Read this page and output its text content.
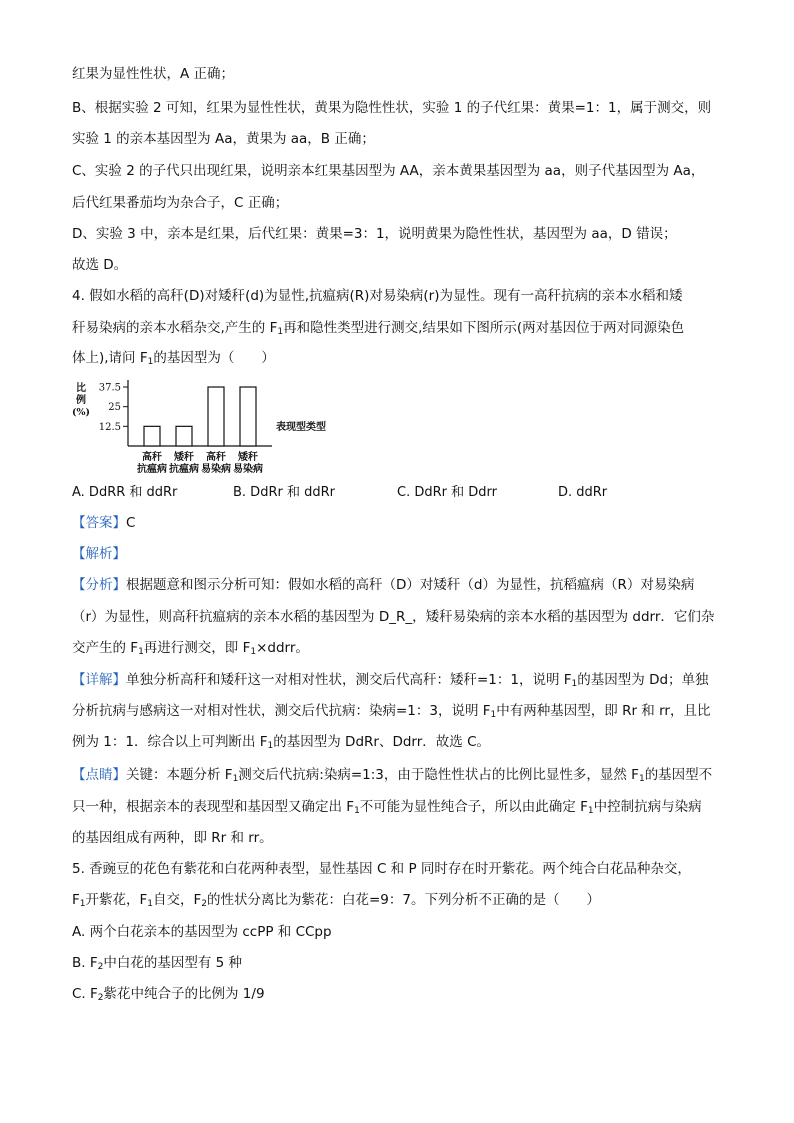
红果为显性性状，A 正确；
B、根据实验 2 可知，红果为显性性状，黄果为隐性性状，实验 1 的子代红果：黄果=1：1，属于测交，则
实验 1 的亲本基因型为 Aa，黄果为 aa，B 正确；
C、实验 2 的子代只出现红果，说明亲本红果基因型为 AA，亲本黄果基因型为 aa，则子代基因型为 Aa，
后代红果番茄均为杂合子，C 正确；
D、实验 3 中，亲本是红果，后代红果：黄果=3：1，说明黄果为隐性性状，基因型为 aa，D 错误；
故选 D。
4. 假如水稻的高秆(D)对矮秆(d)为显性,抗瘟病(R)对易染病(r)为显性。现有一高秆抗病的亲本水稻和矮
秆易染病的亲本水稻杂交,产生的 $F_1$再和隐性类型进行测交,结果如下图所示(两对基因位于两对同源染色
体上),请问 $F_1$的基因型为（　　）
比
例
(%)
37.5
25
12.5
高秆
抗瘟病
矮秆
抗瘟病
高秆
易染病
矮秆
易染病
表现型类型
A. DdRR 和 ddRr	B. DdRr 和 ddRr	C. DdRr 和 Ddrr	D. ddRr
【答案】C
【解析】
【分析】根据题意和图示分析可知：假如水稻的高秆（D）对矮秆（d）为显性，抗稻瘟病（R）对易染病
（r）为显性，则高秆抗瘟病的亲本水稻的基因型为 D_R_，矮秆易染病的亲本水稻的基因型为 ddrr．它们杂
交产生的 $F_1$再进行测交，即 $F_1\times ddrr$。
【详解】单独分析高秆和矮秆这一对相对性状，测交后代高秆：矮秆=1：1，说明 $F_1$的基因型为 Dd；单独
分析抗病与感病这一对相对性状，测交后代抗病：染病=1：3，说明 $F_1$中有两种基因型，即 Rr 和 rr，且比
例为 1：1．综合以上可判断出 $F_1$的基因型为 DdRr、Ddrr．故选 C。
【点睛】关键：本题分析 $F_1$测交后代抗病:染病=1:3，由于隐性性状占的比例比显性多，显然 $F_1$的基因型不
只一种，根据亲本的表现型和基因型又确定出 $F_1$不可能为显性纯合子，所以由此确定 $F_1$中控制抗病与染病
的基因组成有两种，即 Rr 和 rr。
5. 香豌豆的花色有紫花和白花两种表型，显性基因 C 和 P 同时存在时开紫花。两个纯合白花品种杂交，
$F_1$开紫花，$F_1$自交，$F_2$的性状分离比为紫花：白花=9：7。下列分析不正确的是（　　）
A. 两个白花亲本的基因型为 ccPP 和 CCpp
B. $F_2$中白花的基因型有 5 种
C. $F_2$紫花中纯合子的比例为 1/9
